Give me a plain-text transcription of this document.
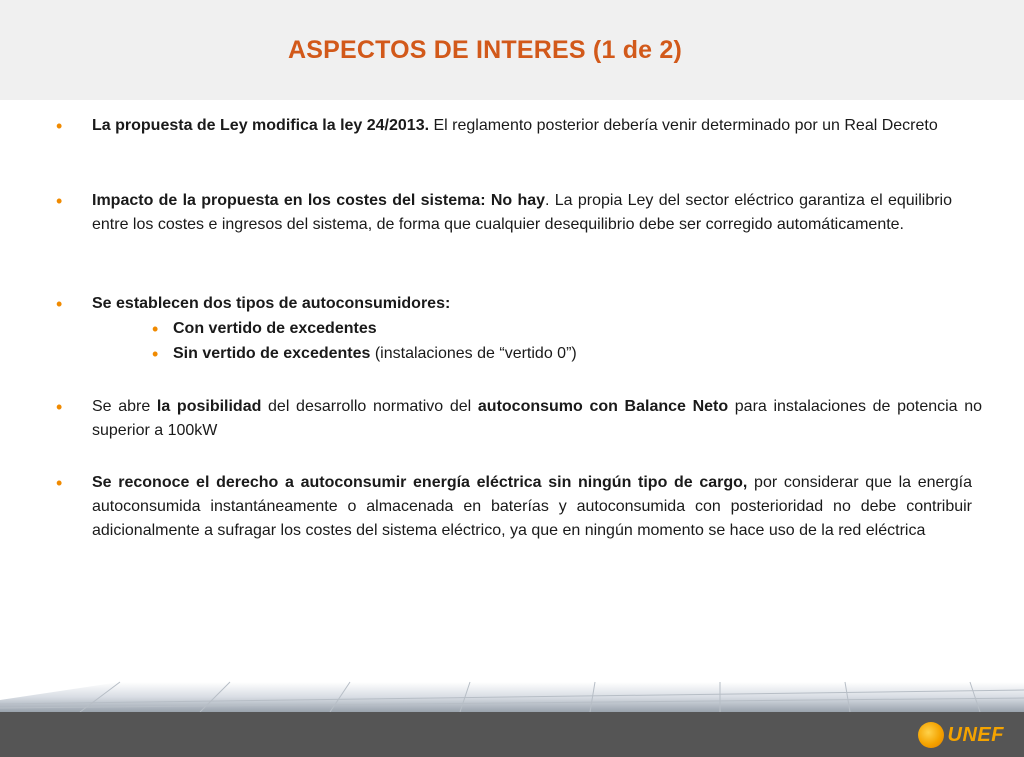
ASPECTOS DE INTERES (1 de 2)
• La propuesta de Ley modifica la ley 24/2013. El reglamento posterior debería venir determinado por un Real Decreto
• Impacto de la propuesta en los costes del sistema: No hay. La propia Ley del sector eléctrico garantiza el equilibrio entre los costes e ingresos del sistema, de forma que cualquier desequilibrio debe ser corregido automáticamente.
• Se establecen dos tipos de autoconsumidores:
• Con vertido de excedentes
• Sin vertido de excedentes (instalaciones de “vertido 0”)
• Se abre la posibilidad del desarrollo normativo del autoconsumo con Balance Neto para instalaciones de potencia no superior a 100kW
• Se reconoce el derecho a autoconsumir energía eléctrica sin ningún tipo de cargo, por considerar que la energía autoconsumida instantáneamente o almacenada en baterías y autoconsumida con posterioridad no debe contribuir adicionalmente a sufragar los costes del sistema eléctrico, ya que en ningún momento se hace uso de la red eléctrica
UNEF
